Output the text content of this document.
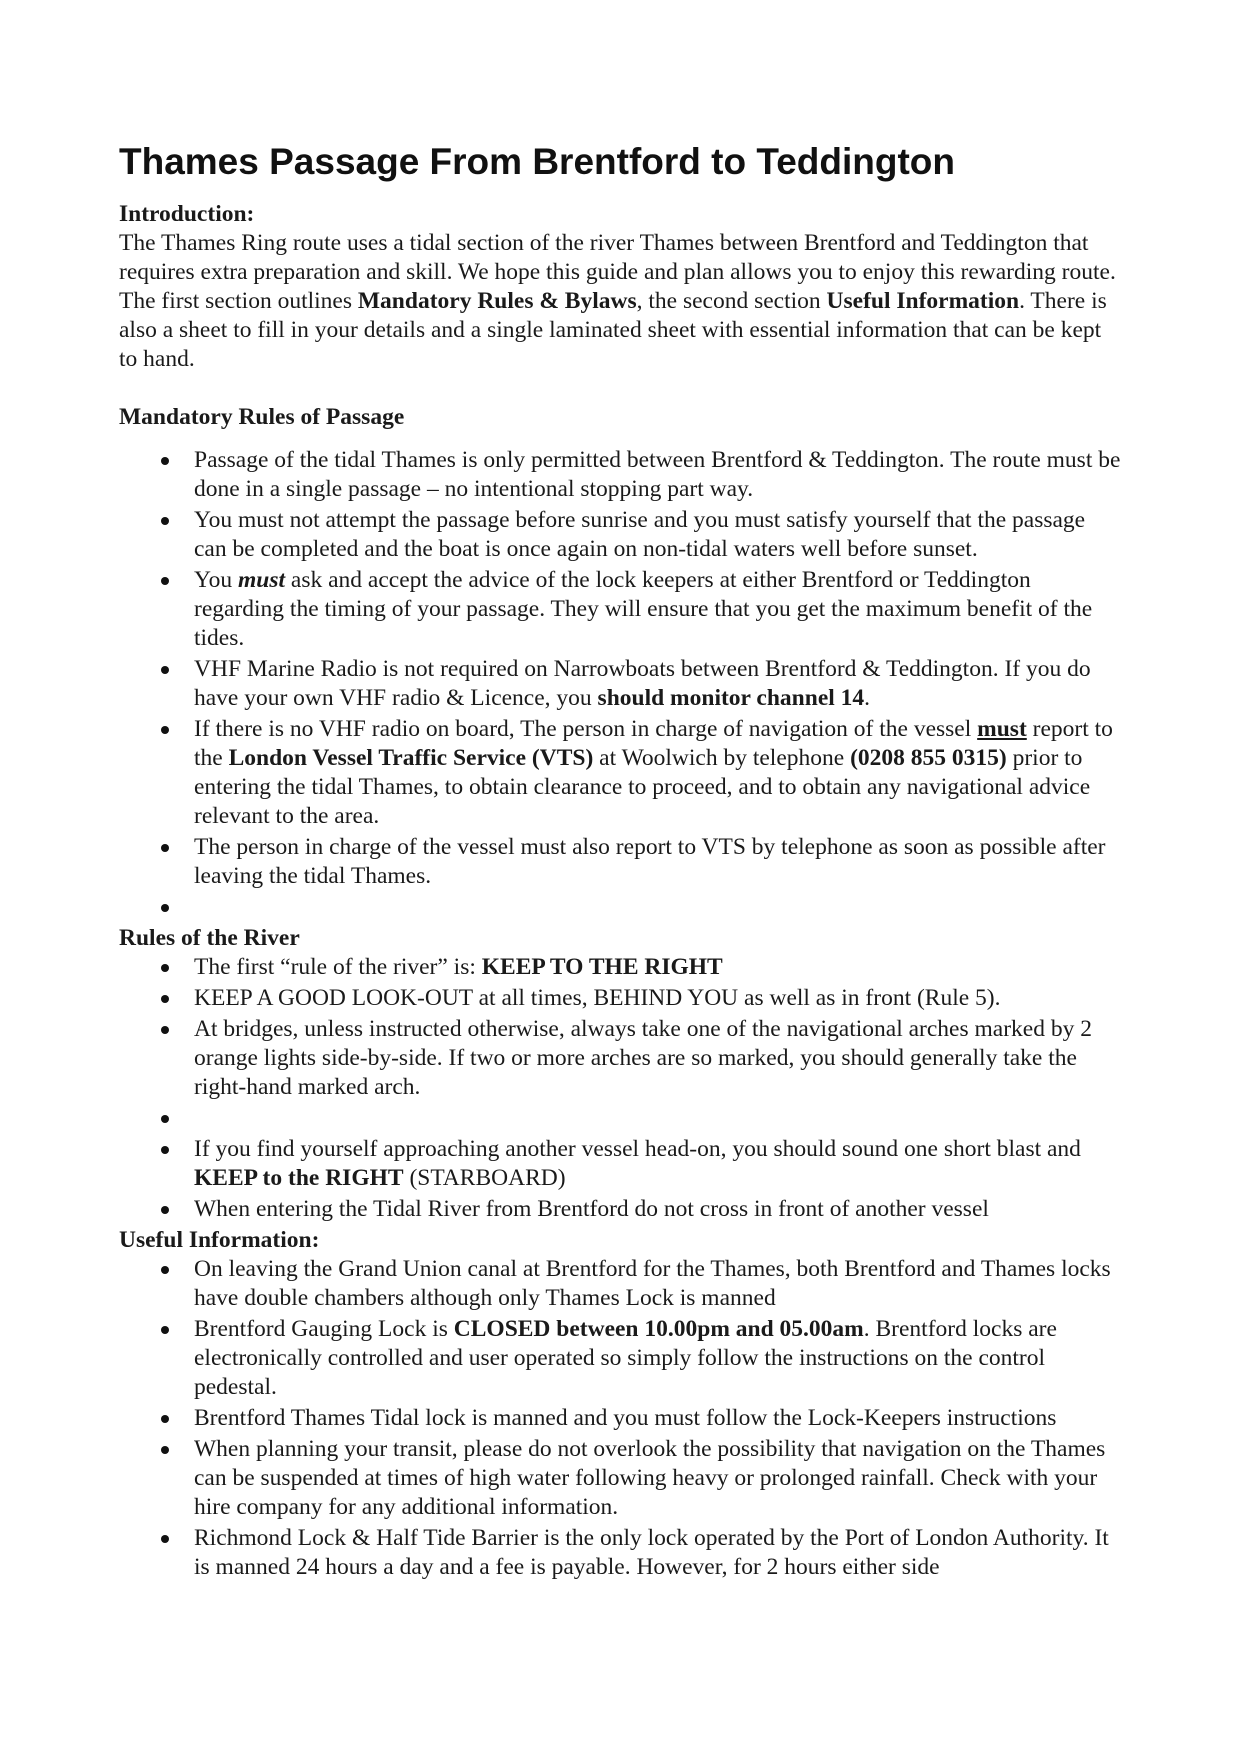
Thames Passage From Brentford to Teddington

Introduction:

The Thames Ring route uses a tidal section of the river Thames between Brentford and Teddington that requires extra preparation and skill. We hope this guide and plan allows you to enjoy this rewarding route. The first section outlines Mandatory Rules & Bylaws, the second section Useful Information. There is also a sheet to fill in your details and a single laminated sheet with essential information that can be kept to hand.

Mandatory Rules of Passage

Passage of the tidal Thames is only permitted between Brentford & Teddington. The route must be done in a single passage – no intentional stopping part way.
You must not attempt the passage before sunrise and you must satisfy yourself that the passage can be completed and the boat is once again on non-tidal waters well before sunset.
You must ask and accept the advice of the lock keepers at either Brentford or Teddington regarding the timing of your passage. They will ensure that you get the maximum benefit of the tides.
VHF Marine Radio is not required on Narrowboats between Brentford & Teddington. If you do have your own VHF radio & Licence, you should monitor channel 14.
If there is no VHF radio on board, The person in charge of navigation of the vessel must report to the London Vessel Traffic Service (VTS) at Woolwich by telephone (0208 855 0315) prior to entering the tidal Thames, to obtain clearance to proceed, and to obtain any navigational advice relevant to the area.
The person in charge of the vessel must also report to VTS by telephone as soon as possible after leaving the tidal Thames.

Rules of the River

The first “rule of the river” is: KEEP TO THE RIGHT
KEEP A GOOD LOOK-OUT at all times, BEHIND YOU as well as in front (Rule 5).
At bridges, unless instructed otherwise, always take one of the navigational arches marked by 2 orange lights side-by-side. If two or more arches are so marked, you should generally take the right-hand marked arch.
If you find yourself approaching another vessel head-on, you should sound one short blast and KEEP to the RIGHT (STARBOARD)
When entering the Tidal River from Brentford do not cross in front of another vessel

Useful Information:

On leaving the Grand Union canal at Brentford for the Thames, both Brentford and Thames locks have double chambers although only Thames Lock is manned
Brentford Gauging Lock is CLOSED between 10.00pm and 05.00am. Brentford locks are electronically controlled and user operated so simply follow the instructions on the control pedestal.
Brentford Thames Tidal lock is manned and you must follow the Lock-Keepers instructions
When planning your transit, please do not overlook the possibility that navigation on the Thames can be suspended at times of high water following heavy or prolonged rainfall. Check with your hire company for any additional information.
Richmond Lock & Half Tide Barrier is the only lock operated by the Port of London Authority. It is manned 24 hours a day and a fee is payable. However, for 2 hours either side
